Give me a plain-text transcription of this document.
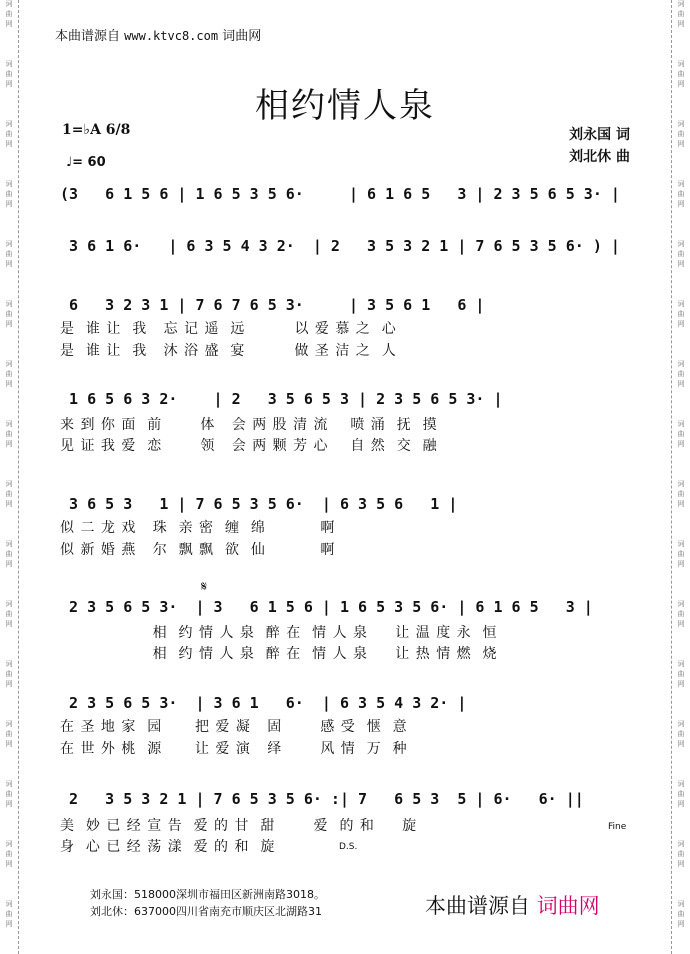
词
曲
网
词
曲
网
词
曲
网
词
曲
网
词
曲
网
词
曲
网
词
曲
网
词
曲
网
词
曲
网
词
曲
网
词
曲
网
词
曲
网
词
曲
网
词
曲
网
词
曲
网
词
曲
网
词
曲
网
词
曲
网
词
曲
网
词
曲
网
词
曲
网
词
曲
网
词
曲
网
词
曲
网
词
曲
网
词
曲
网
词
曲
网
词
曲
网
词
曲
网
词
曲
网
词
曲
网
词
曲
网
本曲谱源自 www.ktvc8.com 词曲网
相约情人泉
1=♭A 6/8
♩= 60
刘永国 词
刘北休 曲
(3   6 1 5 6 | 1 6 5 3 5 6·     | 6 1 6 5   3 | 2 3 5 6 5 3· |
3 6 1 6·   | 6 3 5 4 3 2·  | 2   3 5 3 2 1 | 7 6 5 3 5 6· ) |
6   3 2 3 1 | 7 6 7 6 5 3·     | 3 5 6 1   6 |
是  谁 让  我   忘 记 遥  远         以 爱 慕 之  心
是  谁 让  我   沐 浴 盛  宴         做 圣 洁 之  人
1 6 5 6 3 2·    | 2   3 5 6 5 3 | 2 3 5 6 5 3· |
来 到 你 面  前       体   会 两 股 清 流    喷 涌  抚  摸
见 证 我 爱  恋       领   会 两 颗 芳 心    自 然  交  融
3 6 5 3   1 | 7 6 5 3 5 6·  | 6 3 5 6   1 |
似 二 龙 戏   珠  亲 密  缠  绵          啊
似 新 婚 燕   尔  飘 飘  欲  仙          啊
𝄋
2 3 5 6 5 3·  | 3   6 1 5 6 | 1 6 5 3 5 6· | 6 1 6 5   3 |
相  约 情 人 泉  醉 在  情 人 泉     让 温 度 永  恒
相  约 情 人 泉  醉 在  情 人 泉     让 热 情 燃  烧
2 3 5 6 5 3·  | 3 6 1   6·  | 6 3 5 4 3 2· |
在 圣 地 家  园      把 爱 凝   固       感 受  惬  意
在 世 外 桃  源      让 爱 演   绎       风 情  万  种
2   3 5 3 2 1 | 7 6 5 3 5 6· :| 7   6 5 3  5 | 6·   6· ||
美  妙 已 经 宣 告  爱 的 甘  甜       爱  的 和     旋
身  心 已 经 荡 漾  爱 的 和  旋
Fine
D.S.
刘永国：518000深圳市福田区新洲南路3018。
刘北休：637000四川省南充市顺庆区北湖路31	本曲谱源自 词曲网
